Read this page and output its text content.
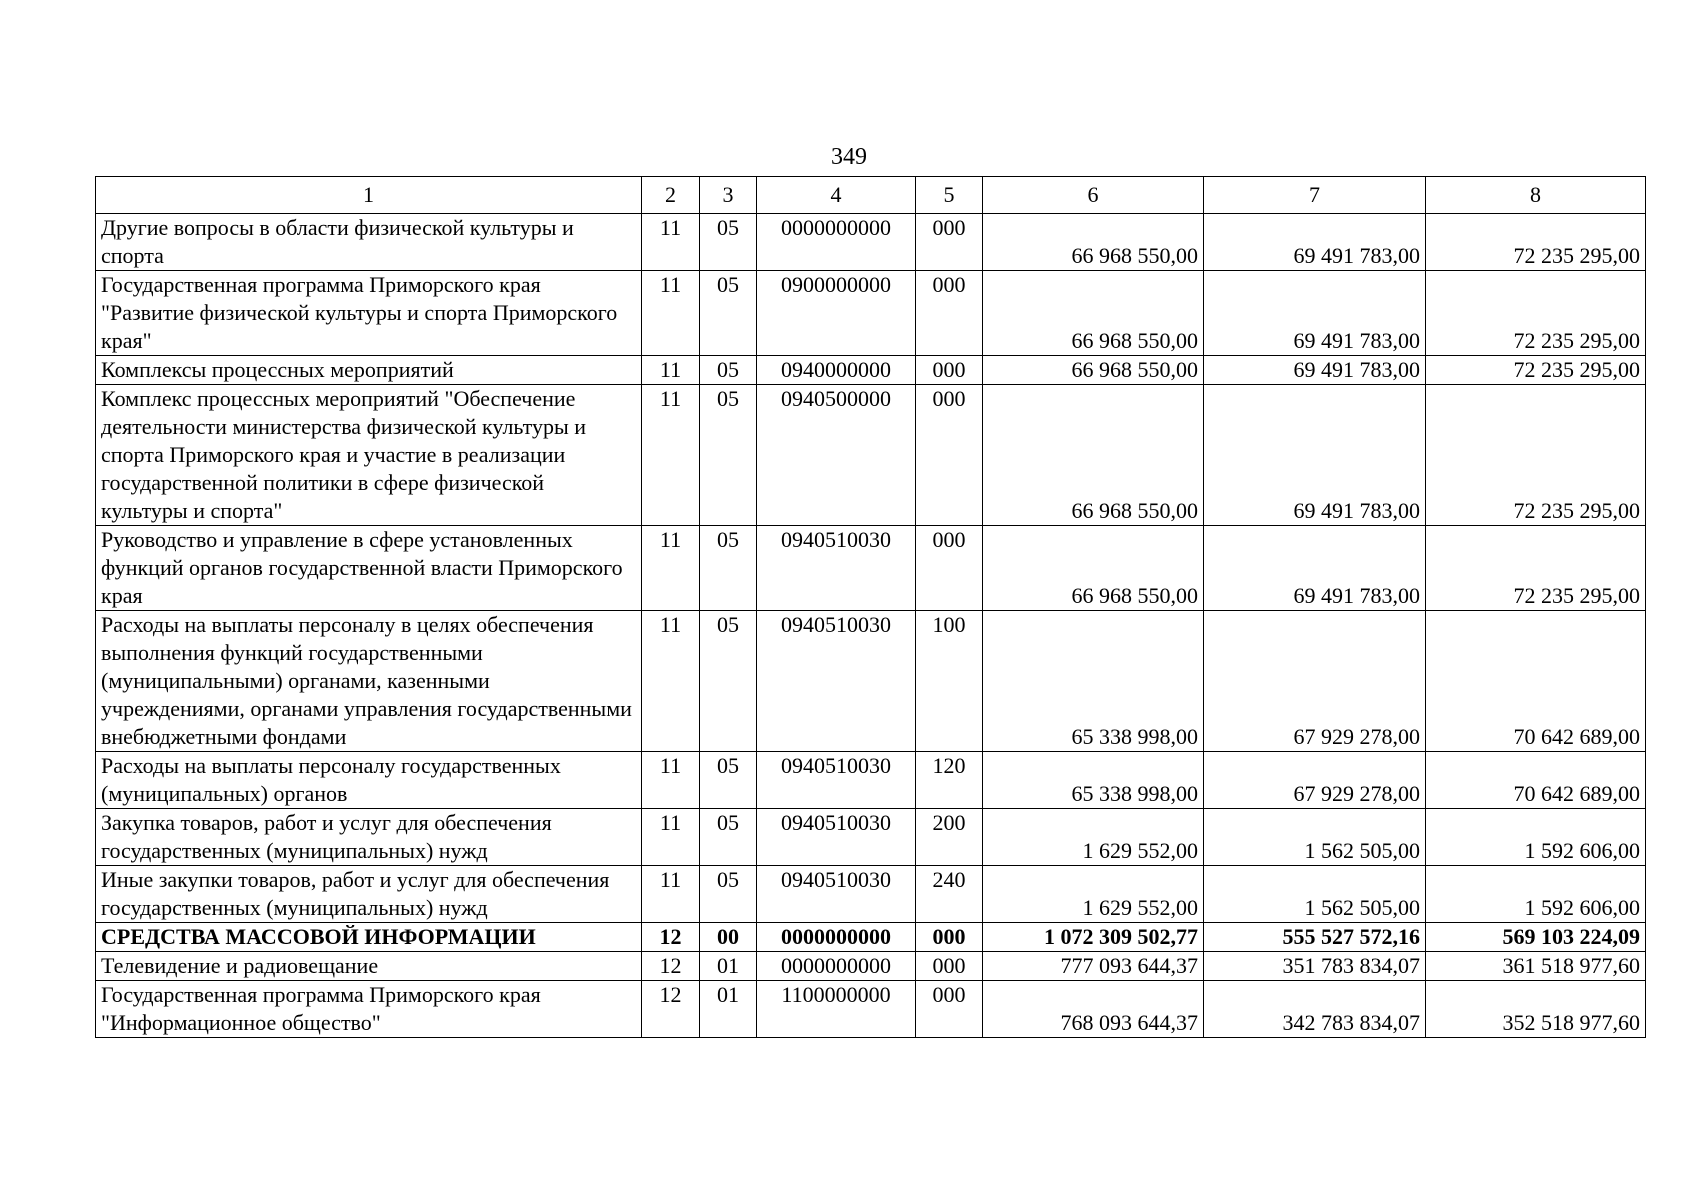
349
1	2	3	4	5	6	7	8
Другие вопросы в области физической культуры и спорта	11	05	0000000000	000	66 968 550,00	69 491 783,00	72 235 295,00
Государственная программа Приморского края "Развитие физической культуры и спорта Приморского края"	11	05	0900000000	000	66 968 550,00	69 491 783,00	72 235 295,00
Комплексы процессных мероприятий	11	05	0940000000	000	66 968 550,00	69 491 783,00	72 235 295,00
Комплекс процессных мероприятий "Обеспечение деятельности министерства физической культуры и спорта Приморского края и участие в реализации государственной политики в сфере физической культуры и спорта"	11	05	0940500000	000	66 968 550,00	69 491 783,00	72 235 295,00
Руководство и управление в сфере установленных функций органов государственной власти Приморского края	11	05	0940510030	000	66 968 550,00	69 491 783,00	72 235 295,00
Расходы на выплаты персоналу в целях обеспечения выполнения функций государственными (муниципальными) органами, казенными учреждениями, органами управления государственными внебюджетными фондами	11	05	0940510030	100	65 338 998,00	67 929 278,00	70 642 689,00
Расходы на выплаты персоналу государственных (муниципальных) органов	11	05	0940510030	120	65 338 998,00	67 929 278,00	70 642 689,00
Закупка товаров, работ и услуг для обеспечения государственных (муниципальных) нужд	11	05	0940510030	200	1 629 552,00	1 562 505,00	1 592 606,00
Иные закупки товаров, работ и услуг для обеспечения государственных (муниципальных) нужд	11	05	0940510030	240	1 629 552,00	1 562 505,00	1 592 606,00
СРЕДСТВА МАССОВОЙ ИНФОРМАЦИИ	12	00	0000000000	000	1 072 309 502,77	555 527 572,16	569 103 224,09
Телевидение и радиовещание	12	01	0000000000	000	777 093 644,37	351 783 834,07	361 518 977,60
Государственная программа Приморского края "Информационное общество"	12	01	1100000000	000	768 093 644,37	342 783 834,07	352 518 977,60
